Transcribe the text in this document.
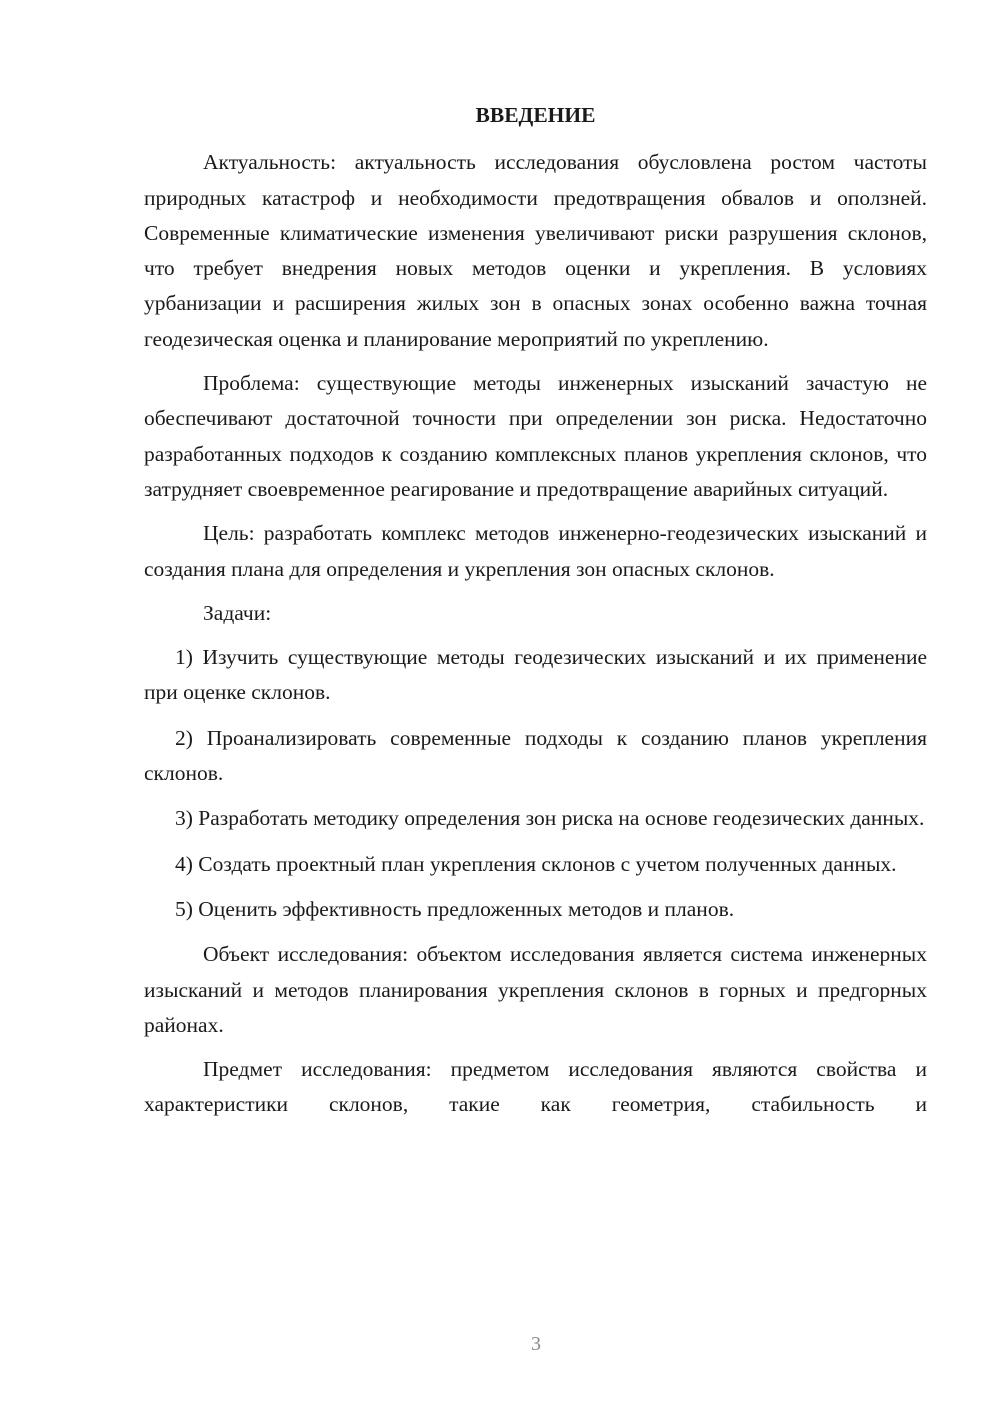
ВВЕДЕНИЕ

Актуальность: актуальность исследования обусловлена ростом частоты природных катастроф и необходимости предотвращения обвалов и оползней. Современные климатические изменения увеличивают риски разрушения склонов, что требует внедрения новых методов оценки и укрепления. В условиях урбанизации и расширения жилых зон в опасных зонах особенно важна точная геодезическая оценка и планирование мероприятий по укреплению.

Проблема: существующие методы инженерных изысканий зачастую не обеспечивают достаточной точности при определении зон риска. Недостаточно разработанных подходов к созданию комплексных планов укрепления склонов, что затрудняет своевременное реагирование и предотвращение аварийных ситуаций.

Цель: разработать комплекс методов инженерно-геодезических изысканий и создания плана для определения и укрепления зон опасных склонов.

Задачи:

1) Изучить существующие методы геодезических изысканий и их применение при оценке склонов.

2) Проанализировать современные подходы к созданию планов укрепления склонов.

3) Разработать методику определения зон риска на основе геодезических данных.

4) Создать проектный план укрепления склонов с учетом полученных данных.

5) Оценить эффективность предложенных методов и планов.

Объект исследования: объектом исследования является система инженерных изысканий и методов планирования укрепления склонов в горных и предгорных районах.

Предмет исследования: предметом исследования являются свойства и характеристики склонов, такие как геометрия, стабильность и

3
